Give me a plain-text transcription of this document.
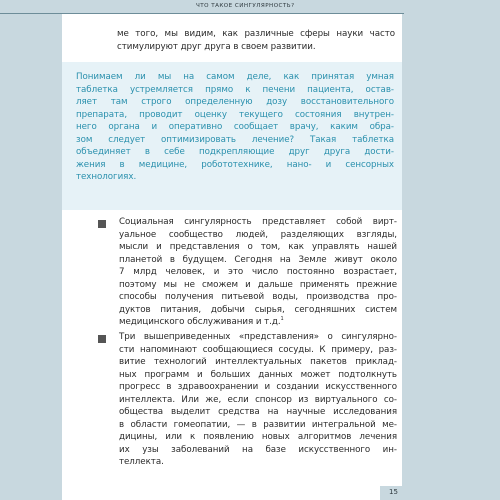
ЧТО ТАКОЕ СИНГУЛЯРНОСТЬ?
ме того, мы видим, как различные сферы науки часто
стимулируют друг друга в своем развитии.
Понимаем ли мы на самом деле, как принятая умная
таблетка устремляется прямо к печени пациента, остав-
ляет там строго определенную дозу восстановительного
препарата, проводит оценку текущего состояния внутрен-
него органа и оперативно сообщает врачу, каким обра-
зом следует оптимизировать лечение? Такая таблетка
объединяет в себе подкрепляющие друг друга дости-
жения в медицине, робототехнике, нано- и сенсорных
технологиях.
Социальная сингулярность представляет собой вирт-
уальное сообщество людей, разделяющих взгляды,
мысли и представления о том, как управлять нашей
планетой в будущем. Сегодня на Земле живут около
7 млрд человек, и это число постоянно возрастает,
поэтому мы не сможем и дальше применять прежние
способы получения питьевой воды, производства про-
дуктов питания, добычи сырья, сегодняшних систем
медицинского обслуживания и т.д.$^1$
Три вышеприведенных «представления» о сингулярно-
сти напоминают сообщающиеся сосуды. К примеру, раз-
витие технологий интеллектуальных пакетов приклад-
ных программ и больших данных может подтолкнуть
прогресс в здравоохранении и создании искусственного
интеллекта. Или же, если спонсор из виртуального со-
общества выделит средства на научные исследования
в области гомеопатии, — в развитии интегральной ме-
дицины, или к появлению новых алгоритмов лечения
их узы заболеваний на базе искусственного ин-
теллекта.
15
